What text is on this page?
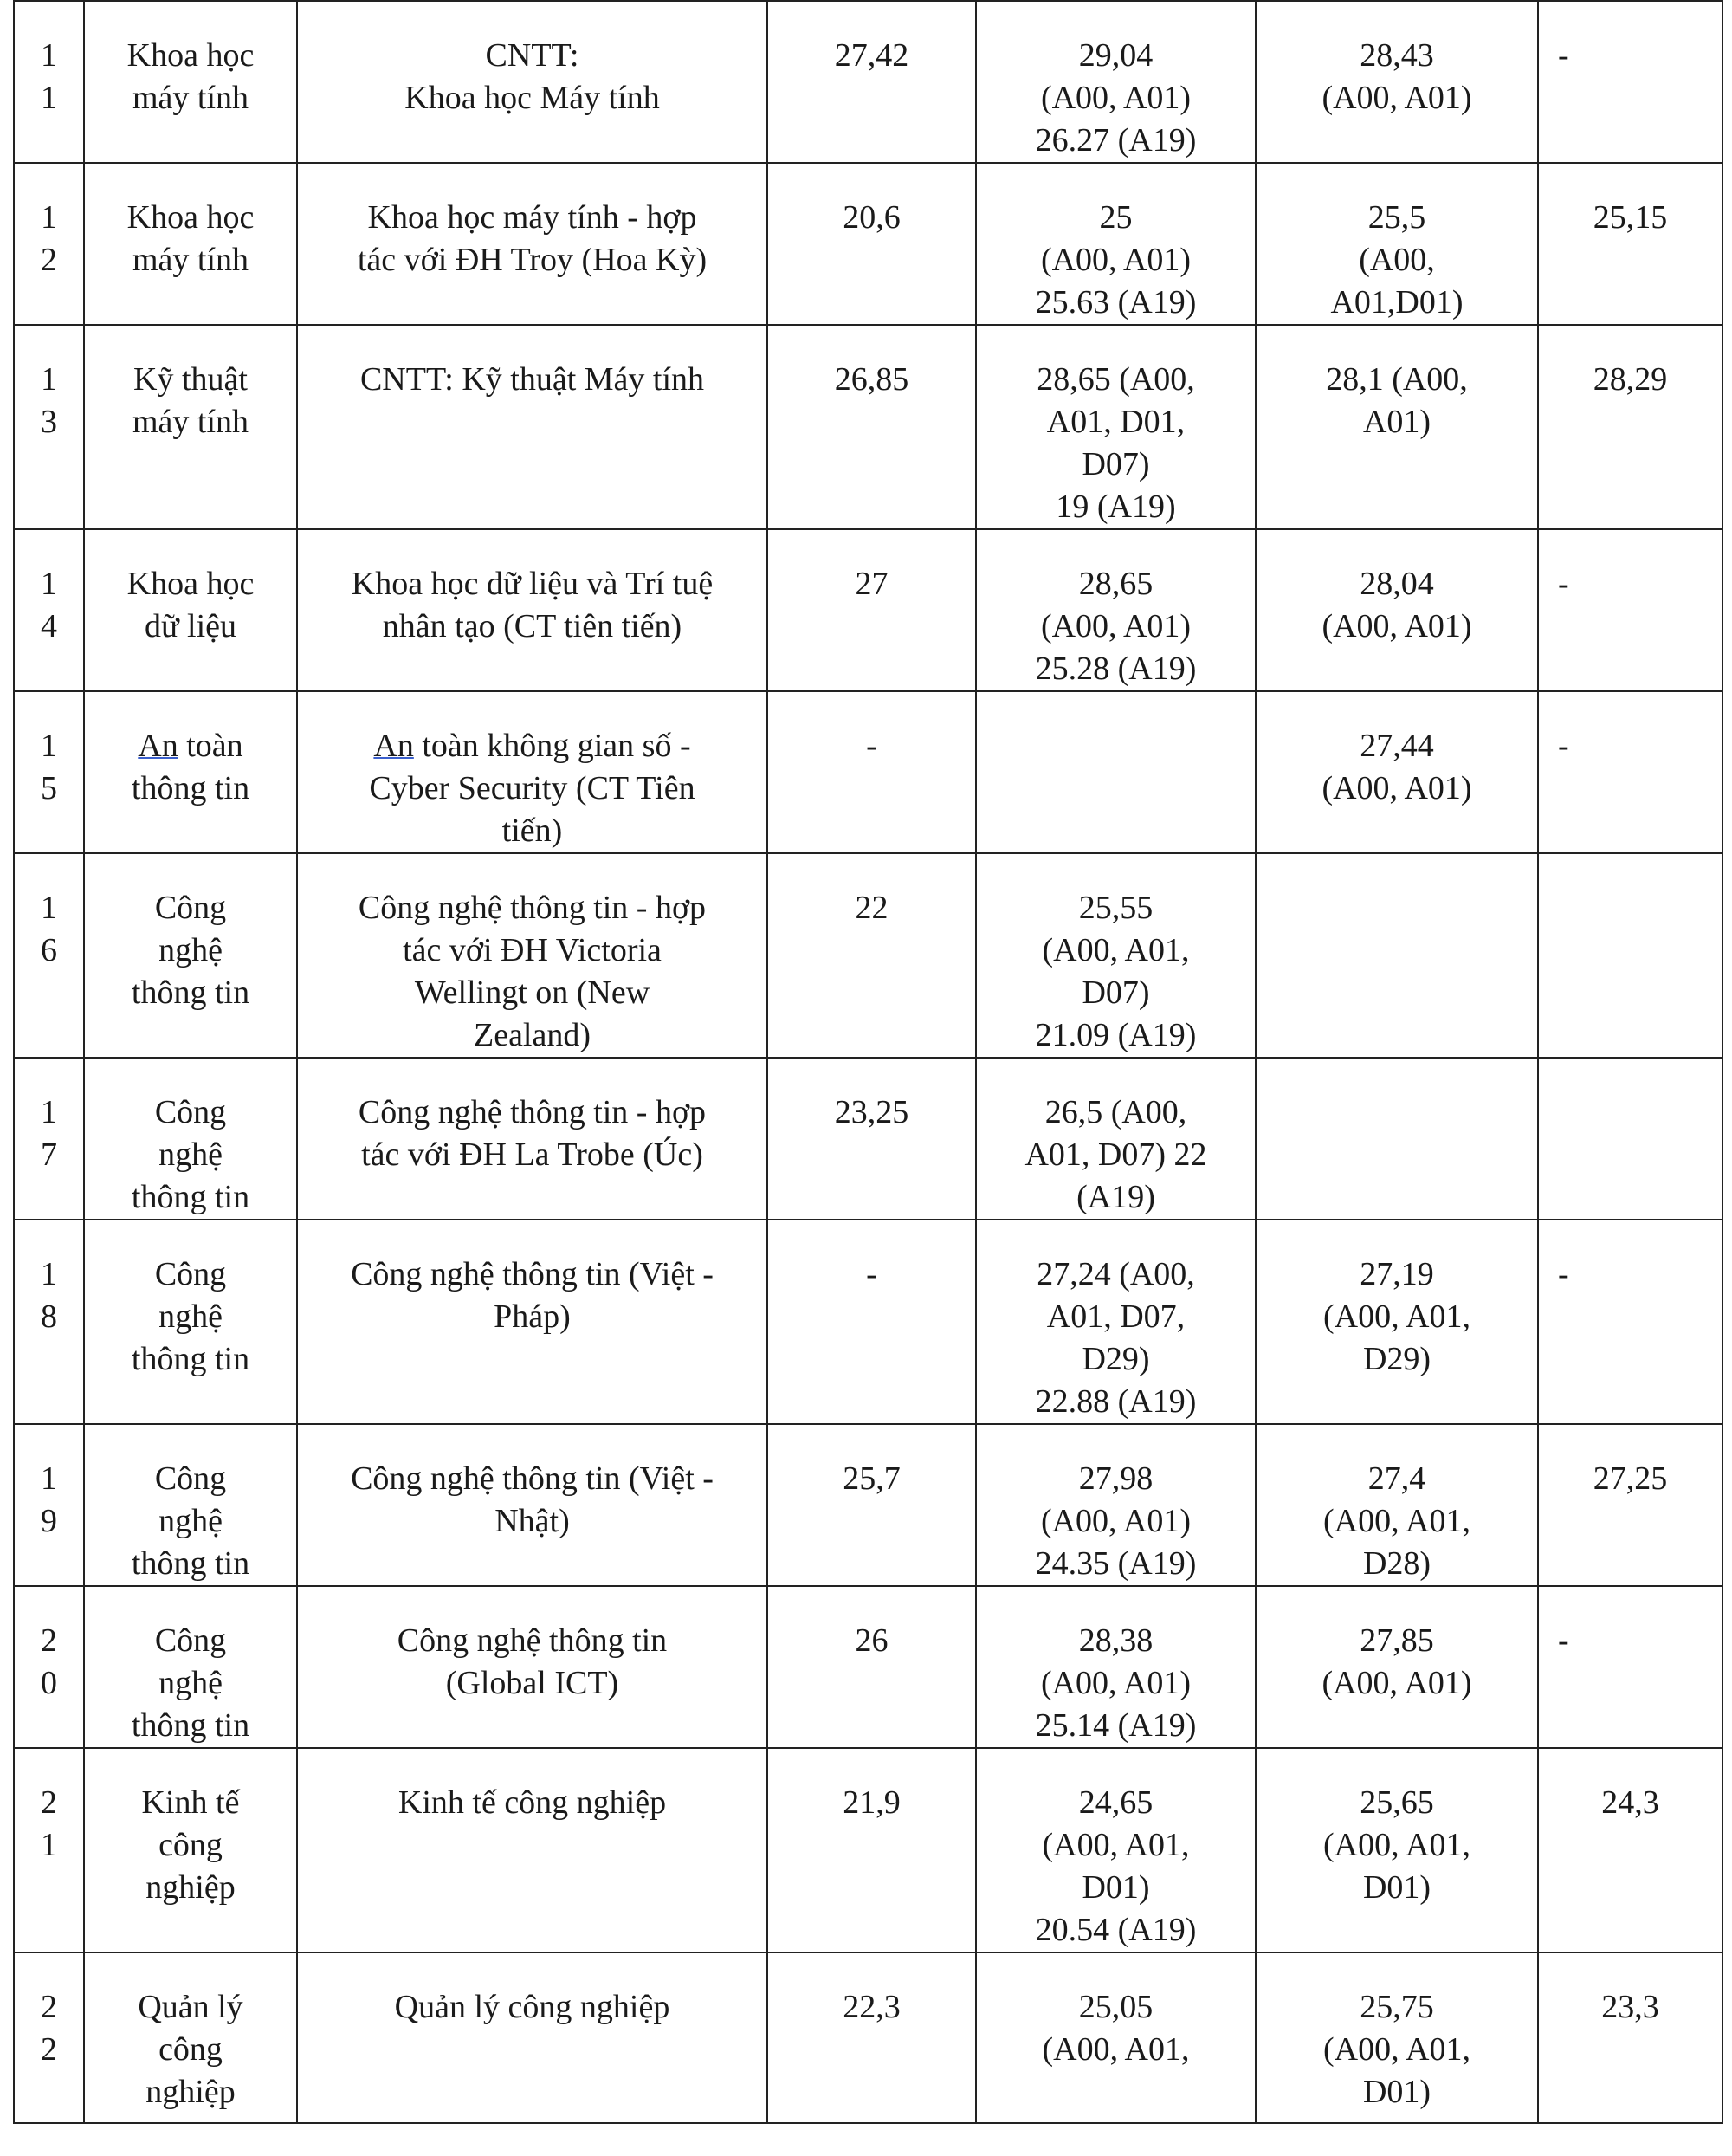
1
1	Khoa học
máy tính	CNTT:
Khoa học Máy tính	27,42	29,04
(A00, A01)
26.27 (A19)	28,43
(A00, A01)	-
1
2	Khoa học
máy tính	Khoa học máy tính - hợp
tác với ĐH Troy (Hoa Kỳ)	20,6	25
(A00, A01)
25.63 (A19)	25,5
(A00,
A01,D01)	25,15
1
3	Kỹ thuật
máy tính	CNTT: Kỹ thuật Máy tính	26,85	28,65 (A00,
A01, D01,
D07)
19 (A19)	28,1 (A00,
A01)	28,29
1
4	Khoa học
dữ liệu	Khoa học dữ liệu và Trí tuệ
nhân tạo (CT tiên tiến)	27	28,65
(A00, A01)
25.28 (A19)	28,04
(A00, A01)	-
1
5	An toàn
thông tin	An toàn không gian số -
Cyber Security (CT Tiên
tiến)	-		27,44
(A00, A01)	-
1
6	Công
nghệ
thông tin	Công nghệ thông tin - hợp
tác với ĐH Victoria
Wellingt on (New
Zealand)	22	25,55
(A00, A01,
D07)
21.09 (A19)		
1
7	Công
nghệ
thông tin	Công nghệ thông tin - hợp
tác với ĐH La Trobe (Úc)	23,25	26,5 (A00,
A01, D07) 22
(A19)		
1
8	Công
nghệ
thông tin	Công nghệ thông tin (Việt -
Pháp)	-	27,24 (A00,
A01, D07,
D29)
22.88 (A19)	27,19
(A00, A01,
D29)	-
1
9	Công
nghệ
thông tin	Công nghệ thông tin (Việt -
Nhật)	25,7	27,98
(A00, A01)
24.35 (A19)	27,4
(A00, A01,
D28)	27,25
2
0	Công
nghệ
thông tin	Công nghệ thông tin
(Global ICT)	26	28,38
(A00, A01)
25.14 (A19)	27,85
(A00, A01)	-
2
1	Kinh tế
công
nghiệp	Kinh tế công nghiệp	21,9	24,65
(A00, A01,
D01)
20.54 (A19)	25,65
(A00, A01,
D01)	24,3
2
2	Quản lý
công
nghiệp	Quản lý công nghiệp	22,3	25,05
(A00, A01,	25,75
(A00, A01,
D01)	23,3
